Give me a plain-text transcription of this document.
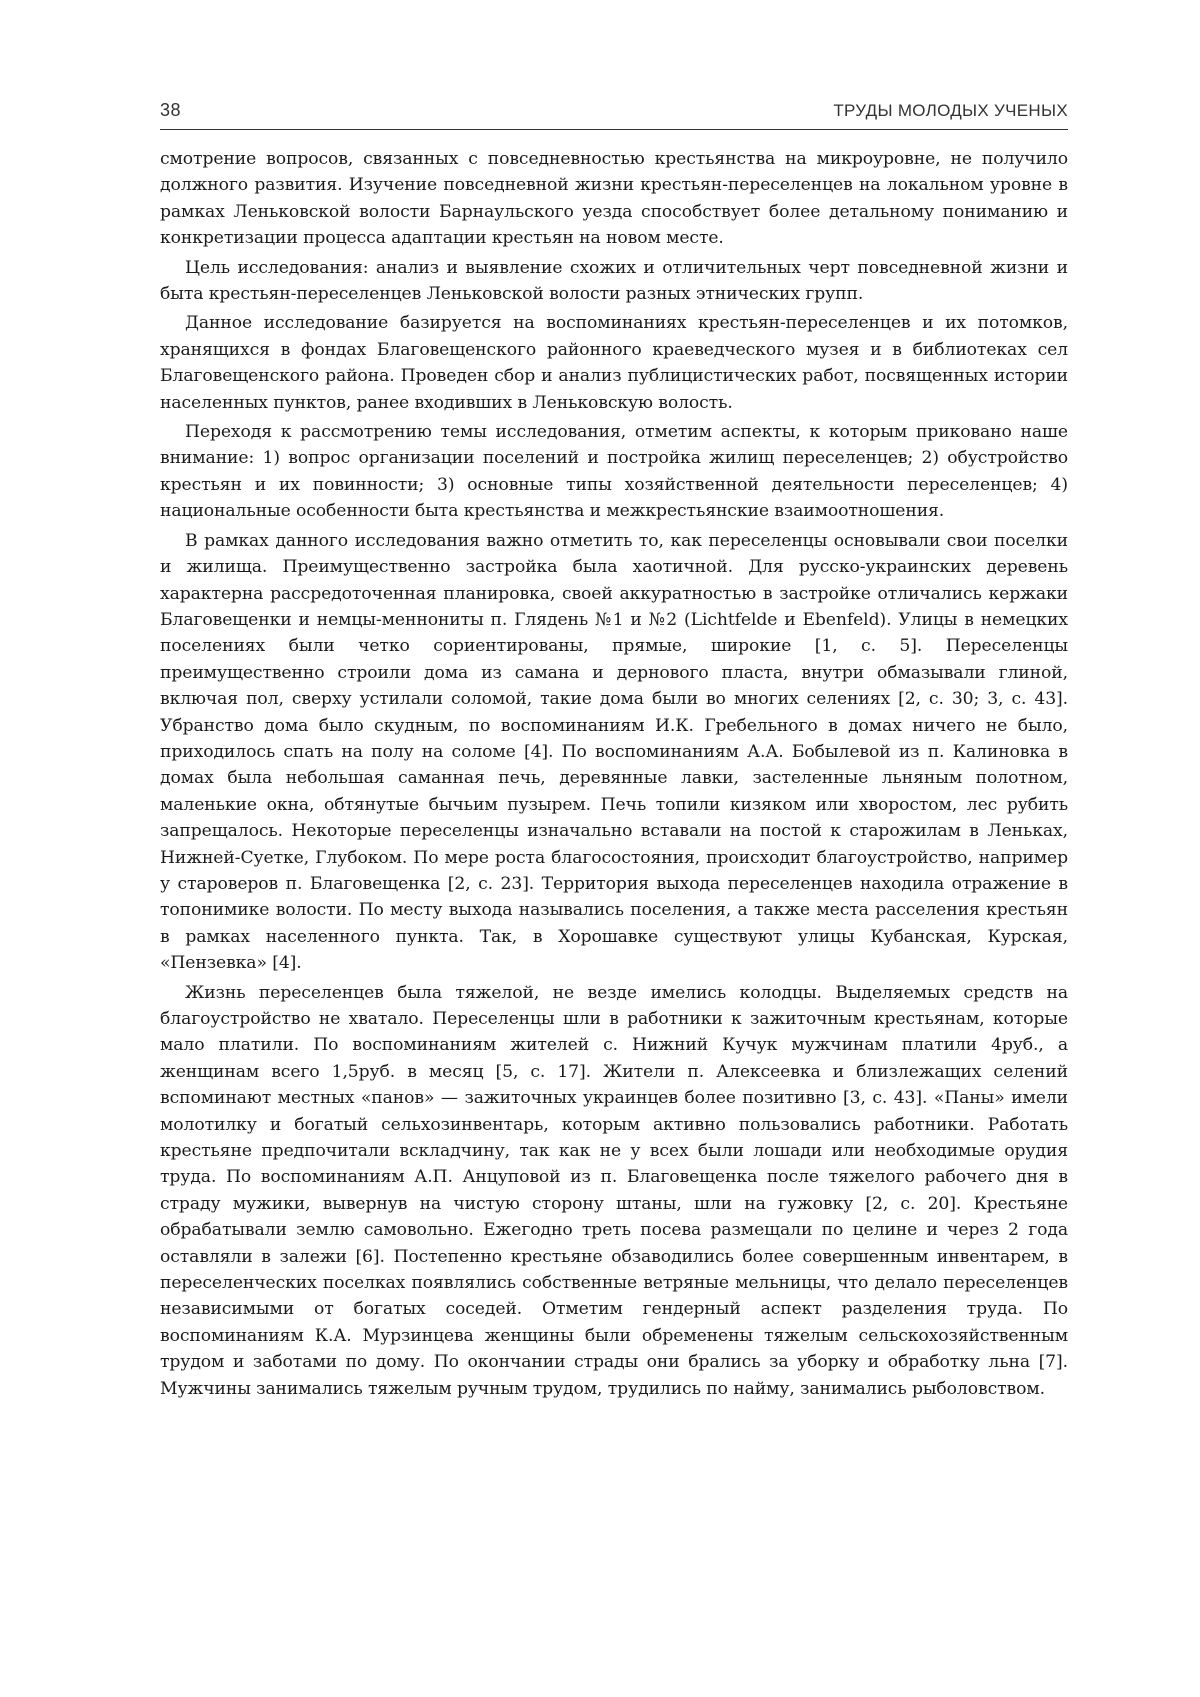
38	ТРУДЫ МОЛОДЫХ УЧЕНЫХ

смотрение вопросов, связанных с повседневностью крестьянства на микроуровне, не получило должного развития. Изучение повседневной жизни крестьян-переселенцев на локальном уровне в рамках Леньковской волости Барнаульского уезда способствует более детальному пониманию и конкретизации процесса адаптации крестьян на новом месте.

Цель исследования: анализ и выявление схожих и отличительных черт повседневной жизни и быта крестьян-переселенцев Леньковской волости разных этнических групп.

Данное исследование базируется на воспоминаниях крестьян-переселенцев и их потомков, хранящихся в фондах Благовещенского районного краеведческого музея и в библиотеках сел Благовещенского района. Проведен сбор и анализ публицистических работ, посвященных истории населенных пунктов, ранее входивших в Леньковскую волость.

Переходя к рассмотрению темы исследования, отметим аспекты, к которым приковано наше внимание: 1) вопрос организации поселений и постройка жилищ переселенцев; 2) обустройство крестьян и их повинности; 3) основные типы хозяйственной деятельности переселенцев; 4) национальные особенности быта крестьянства и межкрестьянские взаимоотношения.

В рамках данного исследования важно отметить то, как переселенцы основывали свои поселки и жилища. Преимущественно застройка была хаотичной. Для русско-украинских деревень характерна рассредоточенная планировка, своей аккуратностью в застройке отличались кержаки Благовещенки и немцы-меннониты п. Глядень №1 и №2 (Lichtfelde и Ebenfeld). Улицы в немецких поселениях были четко сориентированы, прямые, широкие [1, с. 5]. Переселенцы преимущественно строили дома из самана и дернового пласта, внутри обмазывали глиной, включая пол, сверху устилали соломой, такие дома были во многих селениях [2, с. 30; 3, с. 43]. Убранство дома было скудным, по воспоминаниям И.К. Гребельного в домах ничего не было, приходилось спать на полу на соломе [4]. По воспоминаниям А.А. Бобылевой из п. Калиновка в домах была небольшая саманная печь, деревянные лавки, застеленные льняным полотном, маленькие окна, обтянутые бычьим пузырем. Печь топили кизяком или хворостом, лес рубить запрещалось. Некоторые переселенцы изначально вставали на постой к старожилам в Леньках, Нижней-Суетке, Глубоком. По мере роста благосостояния, происходит благоустройство, например у староверов п. Благовещенка [2, с. 23]. Территория выхода переселенцев находила отражение в топонимике волости. По месту выхода назывались поселения, а также места расселения крестьян в рамках населенного пункта. Так, в Хорошавке существуют улицы Кубанская, Курская, «Пензевка» [4].

Жизнь переселенцев была тяжелой, не везде имелись колодцы. Выделяемых средств на благоустройство не хватало. Переселенцы шли в работники к зажиточным крестьянам, которые мало платили. По воспоминаниям жителей с. Нижний Кучук мужчинам платили 4руб., а женщинам всего 1,5руб. в месяц [5, с. 17]. Жители п. Алексеевка и близлежащих селений вспоминают местных «панов» — зажиточных украинцев более позитивно [3, с. 43]. «Паны» имели молотилку и богатый сельхозинвентарь, которым активно пользовались работники. Работать крестьяне предпочитали вскладчину, так как не у всех были лошади или необходимые орудия труда. По воспоминаниям А.П. Анцуповой из п. Благовещенка после тяжелого рабочего дня в страду мужики, вывернув на чистую сторону штаны, шли на гужовку [2, с. 20]. Крестьяне обрабатывали землю самовольно. Ежегодно треть посева размещали по целине и через 2 года оставляли в залежи [6]. Постепенно крестьяне обзаводились более совершенным инвентарем, в переселенческих поселках появлялись собственные ветряные мельницы, что делало переселенцев независимыми от богатых соседей. Отметим гендерный аспект разделения труда. По воспоминаниям К.А. Мурзинцева женщины были обременены тяжелым сельскохозяйственным трудом и заботами по дому. По окончании страды они брались за уборку и обработку льна [7]. Мужчины занимались тяжелым ручным трудом, трудились по найму, занимались рыболовством.
